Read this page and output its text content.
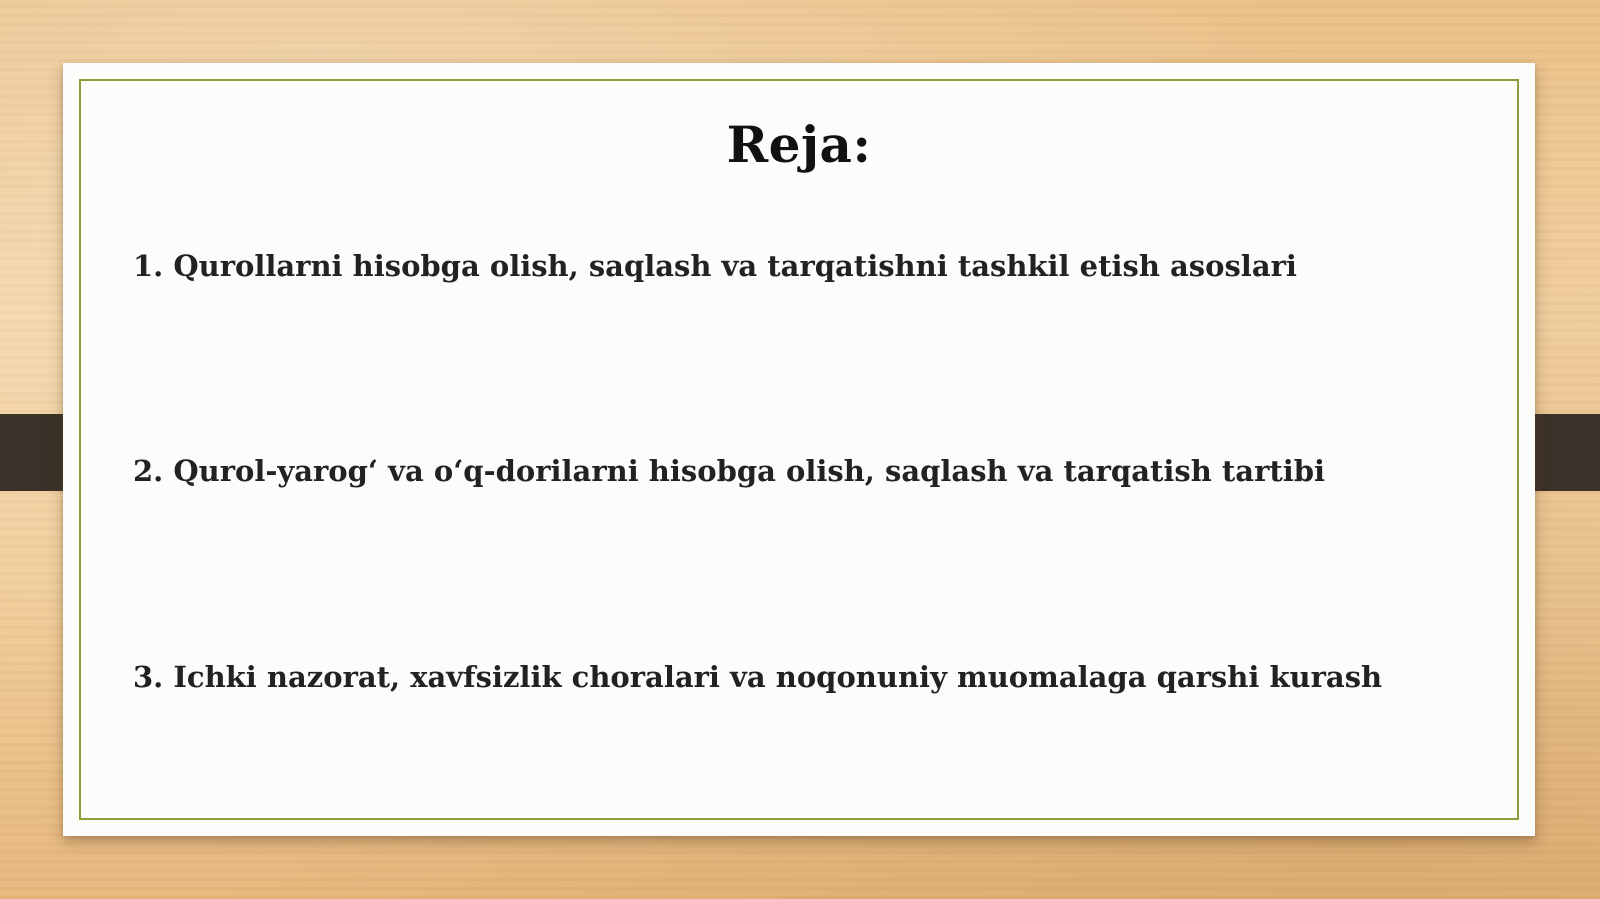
Reja:

1. Qurollarni hisobga olish, saqlash va tarqatishni tashkil etish asoslari

2. Qurol-yarog‘ va o‘q-dorilarni hisobga olish, saqlash va tarqatish tartibi

3. Ichki nazorat, xavfsizlik choralari va noqonuniy muomalaga qarshi kurash
